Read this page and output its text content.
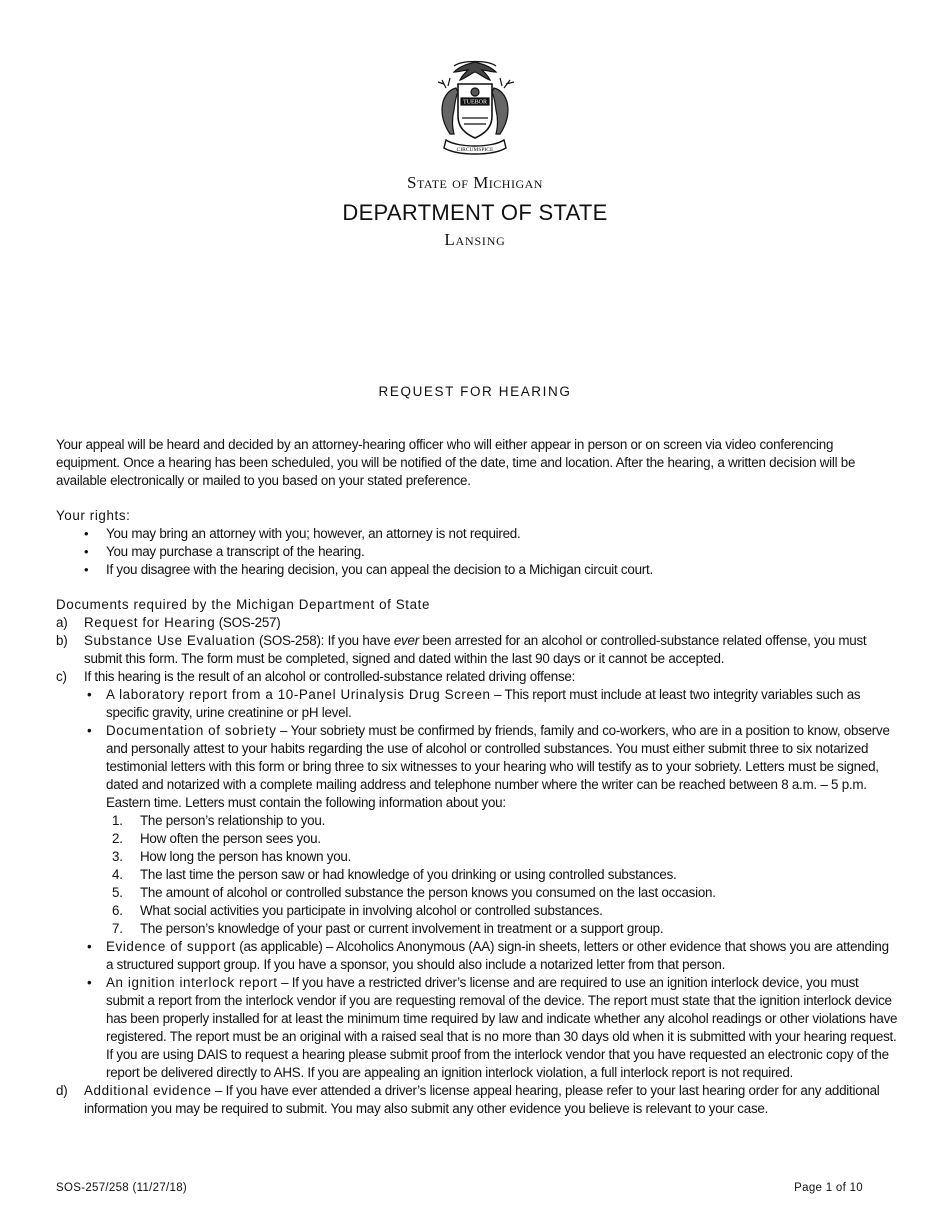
TUEBOR
CIRCUMSPICE
State of Michigan
DEPARTMENT OF STATE
Lansing
REQUEST FOR HEARING

Your appeal will be heard and decided by an attorney-hearing officer who will either appear in person or on screen via video conferencing equipment. Once a hearing has been scheduled, you will be notified of the date, time and location. After the hearing, a written decision will be available electronically or mailed to you based on your stated preference.

Your rights:

• You may bring an attorney with you; however, an attorney is not required.
• You may purchase a transcript of the hearing.
• If you disagree with the hearing decision, you can appeal the decision to a Michigan circuit court.

Documents required by the Michigan Department of State

a) Request for Hearing (SOS-257)
b) Substance Use Evaluation (SOS-258): If you have ever been arrested for an alcohol or controlled-substance related offense, you must submit this form. The form must be completed, signed and dated within the last 90 days or it cannot be accepted.
c) If this hearing is the result of an alcohol or controlled-substance related driving offense:
• A laboratory report from a 10-Panel Urinalysis Drug Screen – This report must include at least two integrity variables such as specific gravity, urine creatinine or pH level.
• Documentation of sobriety – Your sobriety must be confirmed by friends, family and co-workers, who are in a position to know, observe and personally attest to your habits regarding the use of alcohol or controlled substances. You must either submit three to six notarized testimonial letters with this form or bring three to six witnesses to your hearing who will testify as to your sobriety. Letters must be signed, dated and notarized with a complete mailing address and telephone number where the writer can be reached between 8 a.m. – 5 p.m. Eastern time. Letters must contain the following information about you:
1. The person’s relationship to you.
2. How often the person sees you.
3. How long the person has known you.
4. The last time the person saw or had knowledge of you drinking or using controlled substances.
5. The amount of alcohol or controlled substance the person knows you consumed on the last occasion.
6. What social activities you participate in involving alcohol or controlled substances.
7. The person’s knowledge of your past or current involvement in treatment or a support group.
• Evidence of support (as applicable) – Alcoholics Anonymous (AA) sign-in sheets, letters or other evidence that shows you are attending a structured support group. If you have a sponsor, you should also include a notarized letter from that person.
• An ignition interlock report – If you have a restricted driver’s license and are required to use an ignition interlock device, you must submit a report from the interlock vendor if you are requesting removal of the device. The report must state that the ignition interlock device has been properly installed for at least the minimum time required by law and indicate whether any alcohol readings or other violations have registered. The report must be an original with a raised seal that is no more than 30 days old when it is submitted with your hearing request. If you are using DAIS to request a hearing please submit proof from the interlock vendor that you have requested an electronic copy of the report be delivered directly to AHS. If you are appealing an ignition interlock violation, a full interlock report is not required.
d) Additional evidence – If you have ever attended a driver’s license appeal hearing, please refer to your last hearing order for any additional information you may be required to submit. You may also submit any other evidence you believe is relevant to your case.
SOS-257/258 (11/27/18)	Page 1 of 10
